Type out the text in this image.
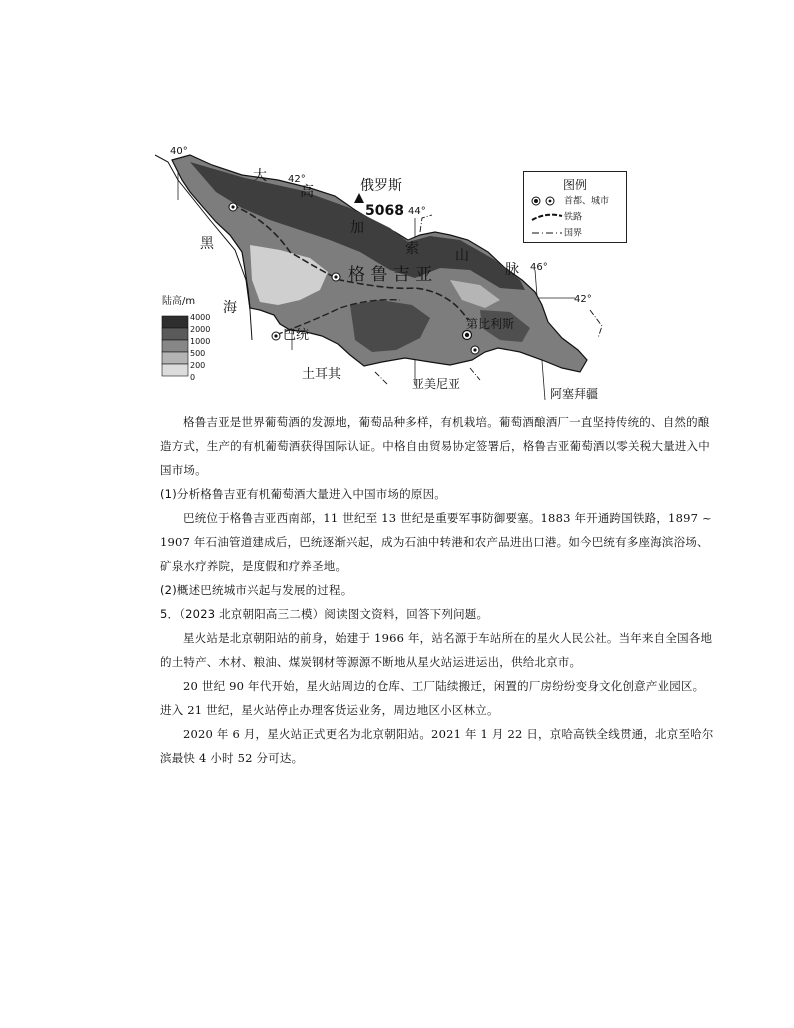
40°
42°
44°
46°
42°
俄罗斯
5068
大
高
加
索	山
脉
黑
海
格 鲁 吉 亚
巴统
第比利斯
土耳其
亚美尼亚
阿塞拜疆
陆高/m
4000
2000
1000
500
200
0
图例
首都、城市
铁路
国界

格鲁吉亚是世界葡萄酒的发源地，葡萄品种多样，有机栽培。葡萄酒酿酒厂一直坚持传统的、自然的酿造方式，生产的有机葡萄酒获得国际认证。中格自由贸易协定签署后，格鲁吉亚葡萄酒以零关税大量进入中国市场。

(1)分析格鲁吉亚有机葡萄酒大量进入中国市场的原因。

巴统位于格鲁吉亚西南部，11 世纪至 13 世纪是重要军事防御要塞。1883 年开通跨国铁路，1897 ~ 1907 年石油管道建成后，巴统逐渐兴起，成为石油中转港和农产品进出口港。如今巴统有多座海滨浴场、矿泉水疗养院，是度假和疗养圣地。

(2)概述巴统城市兴起与发展的过程。

5．（2023 北京朝阳高三二模）阅读图文资料，回答下列问题。

星火站是北京朝阳站的前身，始建于 1966 年，站名源于车站所在的星火人民公社。当年来自全国各地的土特产、木材、粮油、煤炭钢材等源源不断地从星火站运进运出，供给北京市。

20 世纪 90 年代开始，星火站周边的仓库、工厂陆续搬迁，闲置的厂房纷纷变身文化创意产业园区。进入 21 世纪，星火站停止办理客货运业务，周边地区小区林立。

2020 年 6 月，星火站正式更名为北京朝阳站。2021 年 1 月 22 日，京哈高铁全线贯通，北京至哈尔滨最快 4 小时 52 分可达。
